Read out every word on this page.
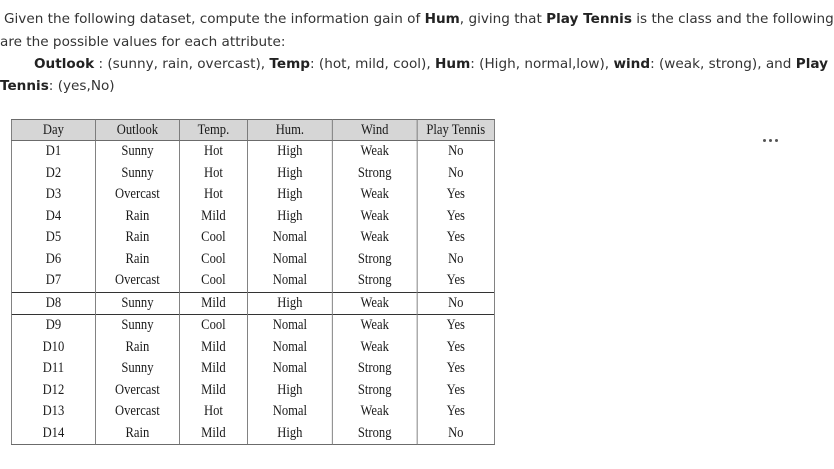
Given the following dataset, compute the information gain of Hum, giving that Play Tennis is the class and the following
are the possible values for each attribute:
Outlook : (sunny, rain, overcast), Temp: (hot, mild, cool), Hum: (High, normal,low), wind: (weak, strong), and Play
Tennis: (yes,No)
Day	Outlook	Temp.	Hum.	Wind	Play Tennis
D1	Sunny	Hot	High	Weak	No
D2	Sunny	Hot	High	Strong	No
D3	Overcast	Hot	High	Weak	Yes
D4	Rain	Mild	High	Weak	Yes
D5	Rain	Cool	Nomal	Weak	Yes
D6	Rain	Cool	Nomal	Strong	No
D7	Overcast	Cool	Nomal	Strong	Yes
D8	Sunny	Mild	High	Weak	No
D9	Sunny	Cool	Nomal	Weak	Yes
D10	Rain	Mild	Nomal	Weak	Yes
D11	Sunny	Mild	Nomal	Strong	Yes
D12	Overcast	Mild	High	Strong	Yes
D13	Overcast	Hot	Nomal	Weak	Yes
D14	Rain	Mild	High	Strong	No
